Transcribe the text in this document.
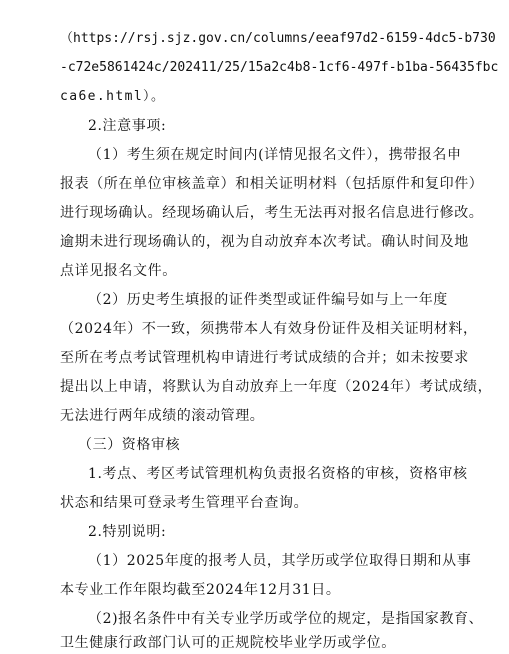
（https://rsj.sjz.gov.cn/columns/eeaf97d2-6159-4dc5-b730
-c72e5861424c/202411/25/15a2c4b8-1cf6-497f-b1ba-56435fbc
ca6e.html）。
2.注意事项:
（1）考生须在规定时间内(详情见报名文件），携带报名申
报表（所在单位审核盖章）和相关证明材料（包括原件和复印件）
进行现场确认。经现场确认后，考生无法再对报名信息进行修改。
逾期未进行现场确认的，视为自动放弃本次考试。确认时间及地
点详见报名文件。
（2）历史考生填报的证件类型或证件编号如与上一年度
（2024年）不一致，须携带本人有效身份证件及相关证明材料，
至所在考点考试管理机构申请进行考试成绩的合并；如未按要求
提出以上申请，将默认为自动放弃上一年度（2024年）考试成绩，
无法进行两年成绩的滚动管理。
（三）资格审核
1.考点、考区考试管理机构负责报名资格的审核，资格审核
状态和结果可登录考生管理平台查询。
2.特别说明:
（1）2025年度的报考人员，其学历或学位取得日期和从事
本专业工作年限均截至2024年12月31日。
（2)报名条件中有关专业学历或学位的规定，是指国家教育、
卫生健康行政部门认可的正规院校毕业学历或学位。
